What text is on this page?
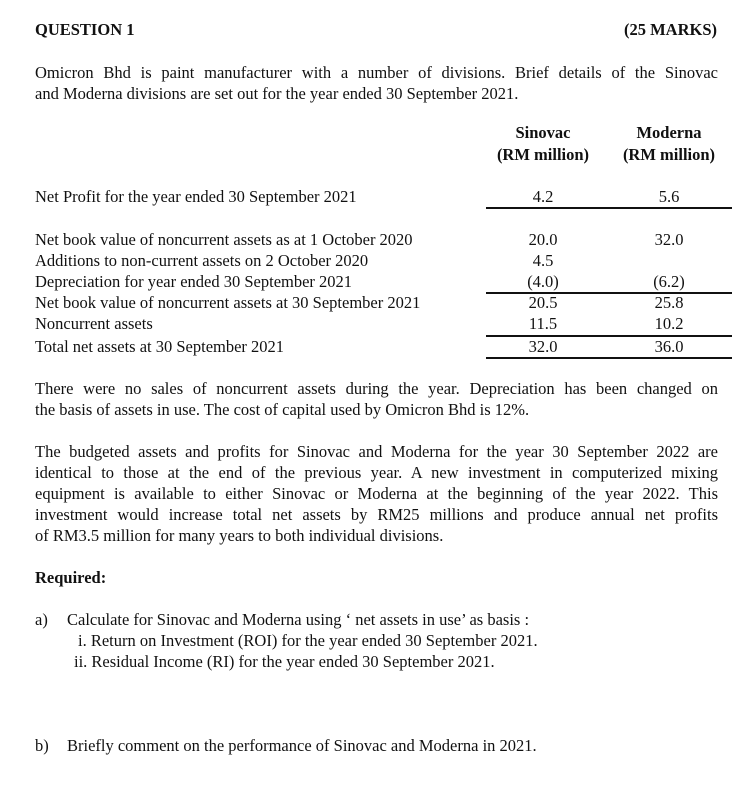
QUESTION 1	(25 MARKS)
Omicron Bhd is paint manufacturer with a number of divisions. Brief details of the Sinovac
and Moderna divisions are set out for the year ended 30 September 2021.
Sinovac
(RM million)
Moderna
(RM million)
Net Profit for the year ended 30 September 2021	4.2	5.6
Net book value of noncurrent assets as at 1 October 2020	20.0	32.0
Additions to non-current assets on 2 October 2020	4.5
Depreciation for year ended 30 September 2021	(4.0)	(6.2)
Net book value of noncurrent assets at 30 September 2021	20.5	25.8
Noncurrent assets	11.5	10.2
Total net assets at 30 September 2021	32.0	36.0
There were no sales of noncurrent assets during the year. Depreciation has been changed on
the basis of assets in use. The cost of capital used by Omicron Bhd is 12%.
The budgeted assets and profits for Sinovac and Moderna for the year 30 September 2022 are
identical to those at the end of the previous year. A new investment in computerized mixing
equipment is available to either Sinovac or Moderna at the beginning of the year 2022. This
investment would increase total net assets by RM25 millions and produce annual net profits
of RM3.5 million for many years to both individual divisions.
Required:
a) Calculate for Sinovac and Moderna using ‘ net assets in use’ as basis :
i. Return on Investment (ROI) for the year ended 30 September 2021.
ii. Residual Income (RI) for the year ended 30 September 2021.
b) Briefly comment on the performance of Sinovac and Moderna in 2021.
